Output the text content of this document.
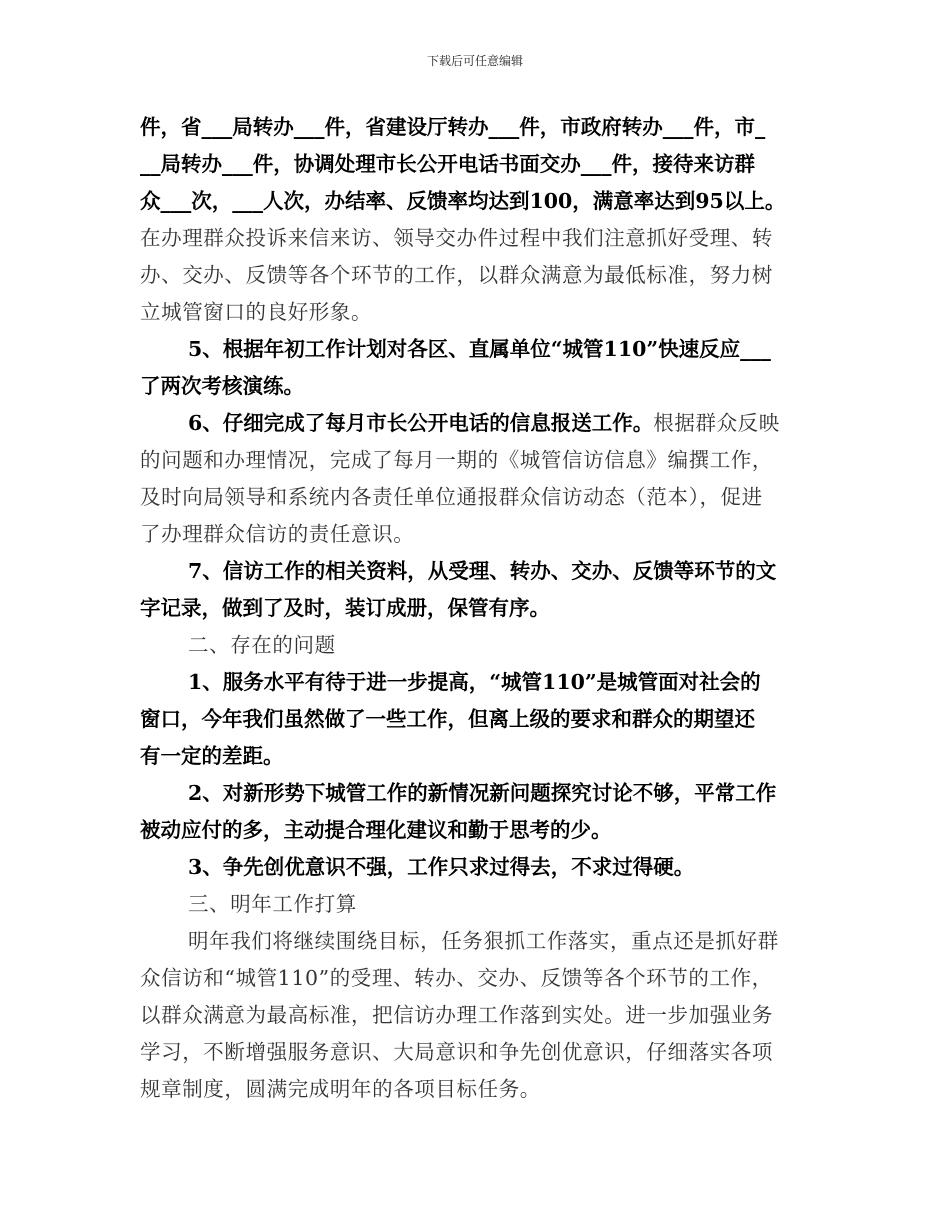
下载后可任意编辑
件，省___局转办___件，省建设厅转办___件，市政府转办___件，市_
__局转办___件，协调处理市长公开电话书面交办___件，接待来访群
众___次，___人次，办结率、反馈率均达到100，满意率达到95以上。
在办理群众投诉来信来访、领导交办件过程中我们注意抓好受理、转
办、交办、反馈等各个环节的工作，以群众满意为最低标准，努力树
立城管窗口的良好形象。
5、根据年初工作计划对各区、直属单位“城管110”快速反应___
了两次考核演练。
6、仔细完成了每月市长公开电话的信息报送工作。根据群众反映
的问题和办理情况，完成了每月一期的《城管信访信息》编撰工作，
及时向局领导和系统内各责任单位通报群众信访动态（范本），促进
了办理群众信访的责任意识。
7、信访工作的相关资料，从受理、转办、交办、反馈等环节的文
字记录，做到了及时，装订成册，保管有序。
二、存在的问题
1、服务水平有待于进一步提高，“城管110”是城管面对社会的
窗口，今年我们虽然做了一些工作，但离上级的要求和群众的期望还
有一定的差距。
2、对新形势下城管工作的新情况新问题探究讨论不够，平常工作
被动应付的多，主动提合理化建议和勤于思考的少。
3、争先创优意识不强，工作只求过得去，不求过得硬。
三、明年工作打算
明年我们将继续围绕目标，任务狠抓工作落实，重点还是抓好群
众信访和“城管110”的受理、转办、交办、反馈等各个环节的工作，
以群众满意为最高标准，把信访办理工作落到实处。进一步加强业务
学习，不断增强服务意识、大局意识和争先创优意识，仔细落实各项
规章制度，圆满完成明年的各项目标任务。
